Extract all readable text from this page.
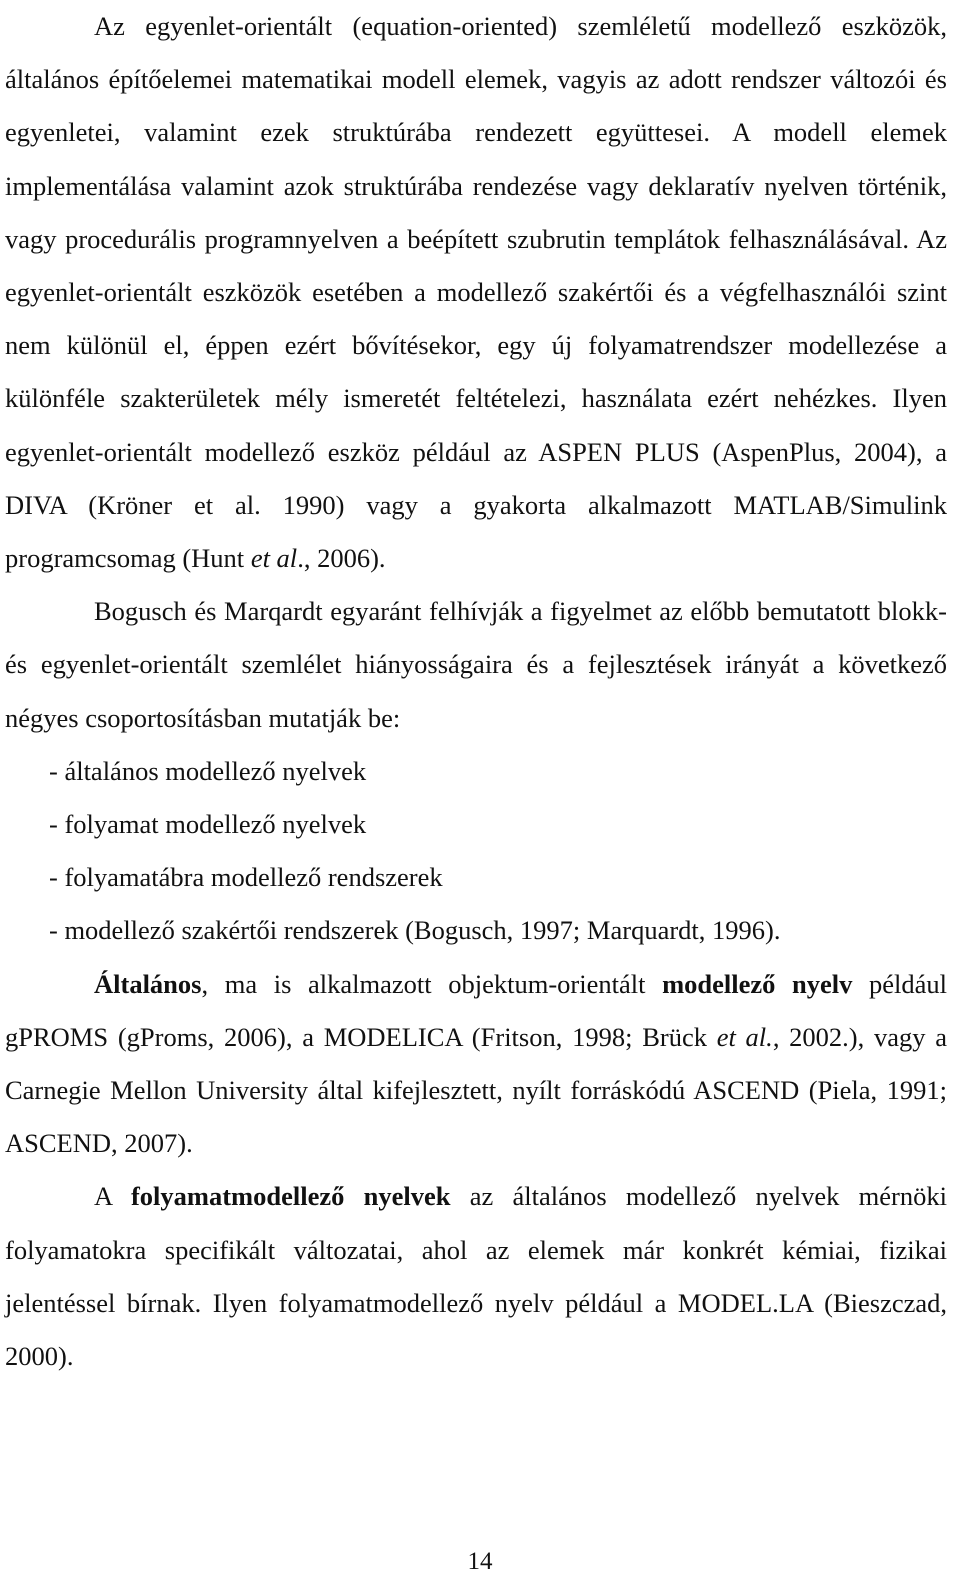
Az egyenlet-orientált (equation-oriented) szemléletű modellező eszközök, általános építőelemei matematikai modell elemek, vagyis az adott rendszer változói és egyenletei, valamint ezek struktúrába rendezett együttesei. A modell elemek implementálása valamint azok struktúrába rendezése vagy deklaratív nyelven történik, vagy procedurális programnyelven a beépített szubrutin templátok felhasználásával. Az egyenlet-orientált eszközök esetében a modellező szakértői és a végfelhasználói szint nem különül el, éppen ezért bővítésekor, egy új folyamatrendszer modellezése a különféle szakterületek mély ismeretét feltételezi, használata ezért nehézkes. Ilyen egyenlet-orientált modellező eszköz például az ASPEN PLUS (AspenPlus, 2004), a DIVA (Kröner et al. 1990) vagy a gyakorta alkalmazott MATLAB/Simulink programcsomag (Hunt et al., 2006).

Bogusch és Marqardt egyaránt felhívják a figyelmet az előbb bemutatott blokk- és egyenlet-orientált szemlélet hiányosságaira és a fejlesztések irányát a következő négyes csoportosításban mutatják be:

- általános modellező nyelvek

- folyamat modellező nyelvek

- folyamatábra modellező rendszerek

- modellező szakértői rendszerek (Bogusch, 1997; Marquardt, 1996).

Általános, ma is alkalmazott objektum-orientált modellező nyelv például gPROMS (gProms, 2006), a MODELICA (Fritson, 1998; Brück et al., 2002.), vagy a Carnegie Mellon University által kifejlesztett, nyílt forráskódú ASCEND (Piela, 1991; ASCEND, 2007).

A folyamatmodellező nyelvek az általános modellező nyelvek mérnöki folyamatokra specifikált változatai, ahol az elemek már konkrét kémiai, fizikai jelentéssel bírnak. Ilyen folyamatmodellező nyelv például a MODEL.LA (Bieszczad, 2000).

14
